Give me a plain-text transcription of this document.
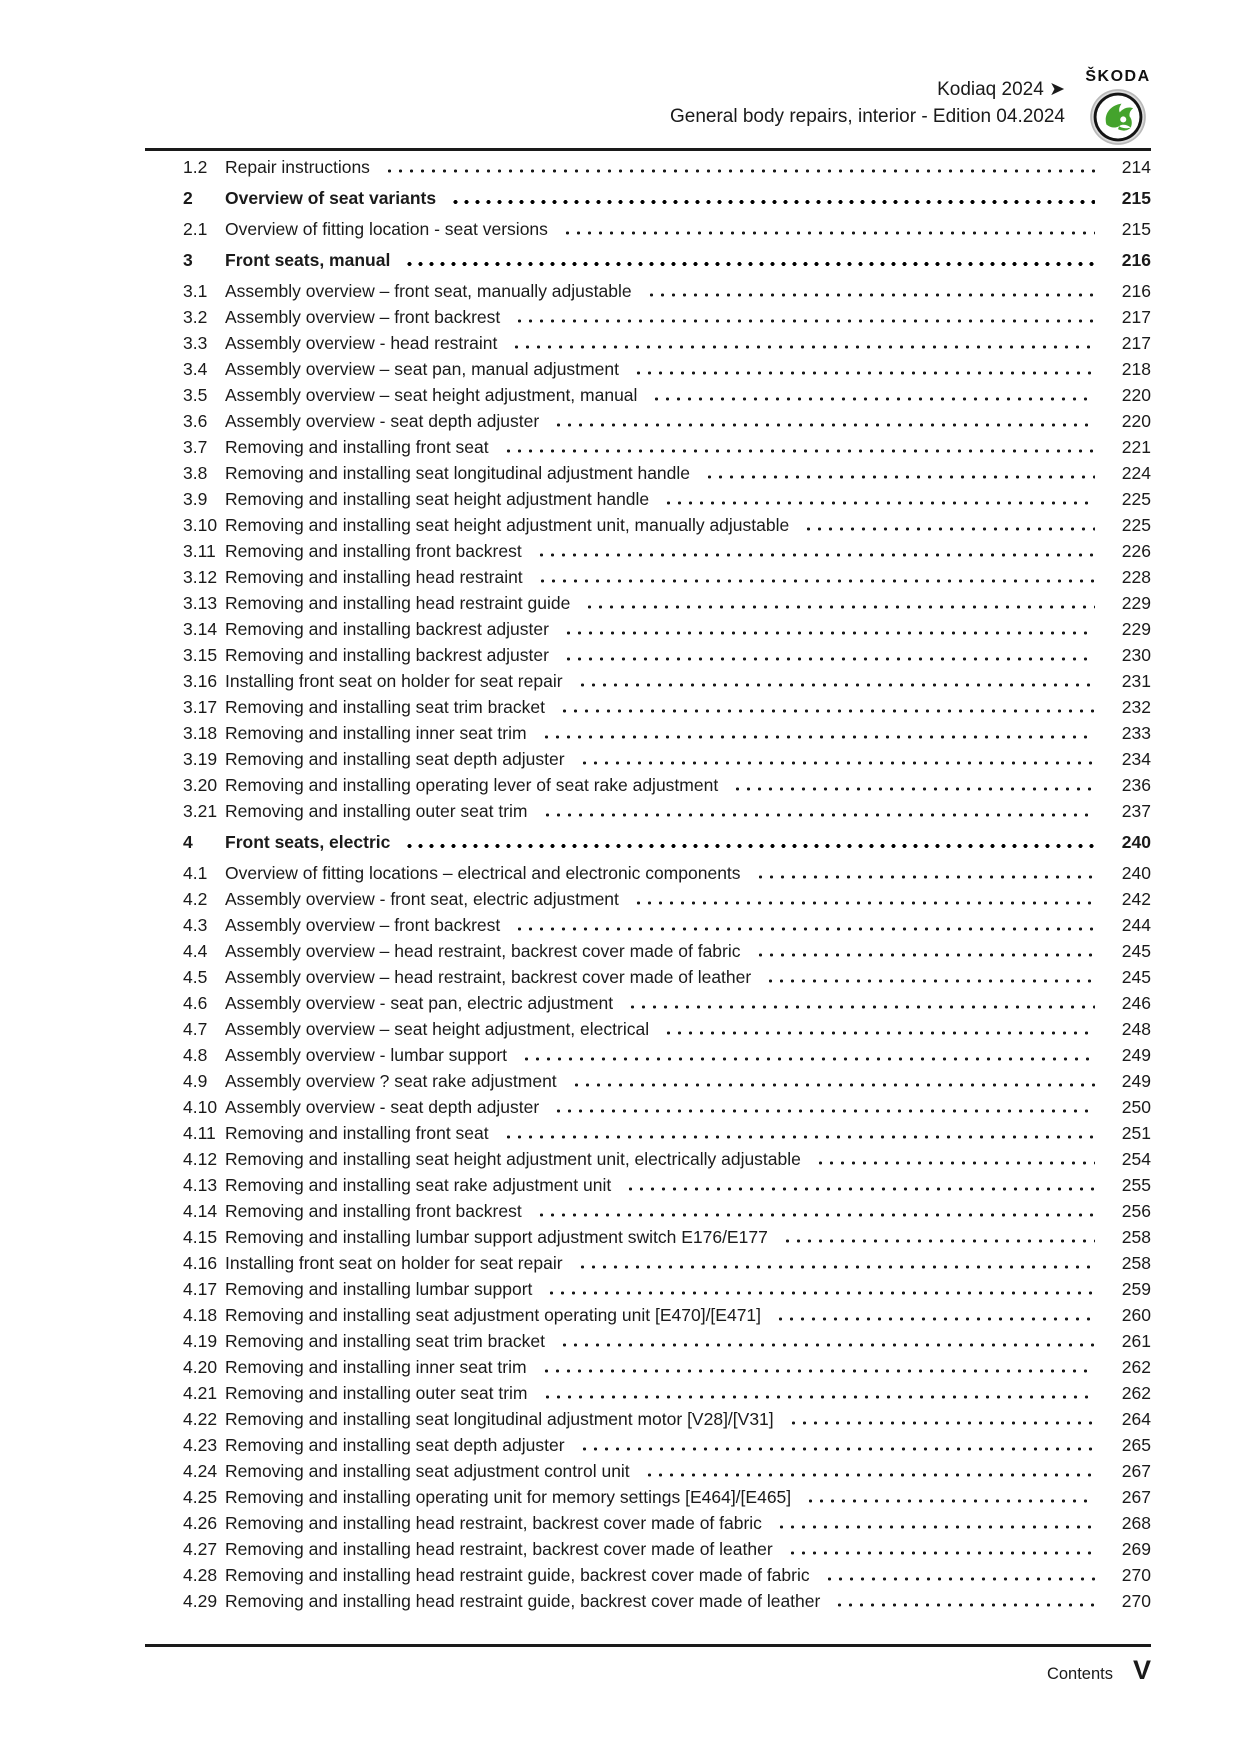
Kodiaq 2024 ➤
General body repairs, interior - Edition 04.2024
ŠKODA
1.2	Repair instructions	214
2	Overview of seat variants	215
2.1	Overview of fitting location - seat versions	215
3	Front seats, manual	216
3.1	Assembly overview – front seat, manually adjustable	216
3.2	Assembly overview – front backrest	217
3.3	Assembly overview - head restraint	217
3.4	Assembly overview – seat pan, manual adjustment	218
3.5	Assembly overview – seat height adjustment, manual	220
3.6	Assembly overview - seat depth adjuster	220
3.7	Removing and installing front seat	221
3.8	Removing and installing seat longitudinal adjustment handle	224
3.9	Removing and installing seat height adjustment handle	225
3.10 Removing and installing seat height adjustment unit, manually adjustable	225
3.11 Removing and installing front backrest	226
3.12 Removing and installing head restraint	228
3.13 Removing and installing head restraint guide	229
3.14 Removing and installing backrest adjuster	229
3.15 Removing and installing backrest adjuster	230
3.16 Installing front seat on holder for seat repair	231
3.17 Removing and installing seat trim bracket	232
3.18 Removing and installing inner seat trim	233
3.19 Removing and installing seat depth adjuster	234
3.20 Removing and installing operating lever of seat rake adjustment	236
3.21 Removing and installing outer seat trim	237
4	Front seats, electric	240
4.1	Overview of fitting locations – electrical and electronic components	240
4.2	Assembly overview - front seat, electric adjustment	242
4.3	Assembly overview – front backrest	244
4.4	Assembly overview – head restraint, backrest cover made of fabric	245
4.5	Assembly overview – head restraint, backrest cover made of leather	245
4.6	Assembly overview - seat pan, electric adjustment	246
4.7	Assembly overview – seat height adjustment, electrical	248
4.8	Assembly overview - lumbar support	249
4.9	Assembly overview ? seat rake adjustment	249
4.10 Assembly overview - seat depth adjuster	250
4.11 Removing and installing front seat	251
4.12 Removing and installing seat height adjustment unit, electrically adjustable	254
4.13 Removing and installing seat rake adjustment unit	255
4.14 Removing and installing front backrest	256
4.15 Removing and installing lumbar support adjustment switch E176/E177	258
4.16 Installing front seat on holder for seat repair	258
4.17 Removing and installing lumbar support	259
4.18 Removing and installing seat adjustment operating unit [E470]/[E471]	260
4.19 Removing and installing seat trim bracket	261
4.20 Removing and installing inner seat trim	262
4.21 Removing and installing outer seat trim	262
4.22 Removing and installing seat longitudinal adjustment motor [V28]/[V31]	264
4.23 Removing and installing seat depth adjuster	265
4.24 Removing and installing seat adjustment control unit	267
4.25 Removing and installing operating unit for memory settings [E464]/[E465]	267
4.26 Removing and installing head restraint, backrest cover made of fabric	268
4.27 Removing and installing head restraint, backrest cover made of leather	269
4.28 Removing and installing head restraint guide, backrest cover made of fabric	270
4.29 Removing and installing head restraint guide, backrest cover made of leather	270
Contents V
